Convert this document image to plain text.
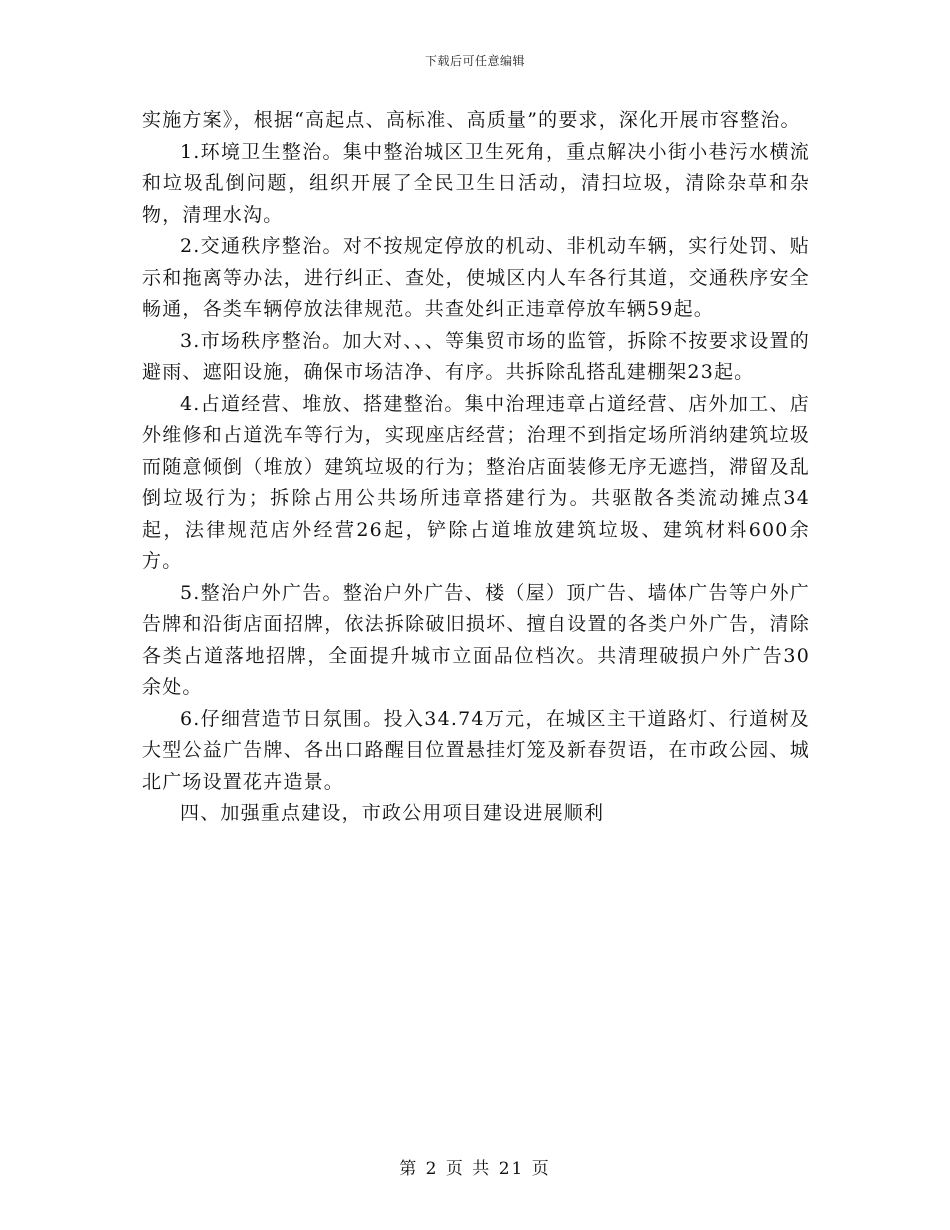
下载后可任意编辑

实施方案》，根据“高起点、高标准、高质量”的要求，深化开展市容整治。

1.环境卫生整治。集中整治城区卫生死角，重点解决小街小巷污水横流和垃圾乱倒问题，组织开展了全民卫生日活动，清扫垃圾，清除杂草和杂物，清理水沟。

2.交通秩序整治。对不按规定停放的机动、非机动车辆，实行处罚、贴示和拖离等办法，进行纠正、查处，使城区内人车各行其道，交通秩序安全畅通，各类车辆停放法律规范。共查处纠正违章停放车辆59起。

3.市场秩序整治。加大对、、、等集贸市场的监管，拆除不按要求设置的避雨、遮阳设施，确保市场洁净、有序。共拆除乱搭乱建棚架23起。

4.占道经营、堆放、搭建整治。集中治理违章占道经营、店外加工、店外维修和占道洗车等行为，实现座店经营；治理不到指定场所消纳建筑垃圾而随意倾倒（堆放）建筑垃圾的行为；整治店面装修无序无遮挡，滞留及乱倒垃圾行为；拆除占用公共场所违章搭建行为。共驱散各类流动摊点34起，法律规范店外经营26起，铲除占道堆放建筑垃圾、建筑材料600余方。

5.整治户外广告。整治户外广告、楼（屋）顶广告、墙体广告等户外广告牌和沿街店面招牌，依法拆除破旧损坏、擅自设置的各类户外广告，清除各类占道落地招牌，全面提升城市立面品位档次。共清理破损户外广告30余处。

6.仔细营造节日氛围。投入34.74万元，在城区主干道路灯、行道树及大型公益广告牌、各出口路醒目位置悬挂灯笼及新春贺语，在市政公园、城北广场设置花卉造景。

四、加强重点建设，市政公用项目建设进展顺利

第 2 页 共 21 页
